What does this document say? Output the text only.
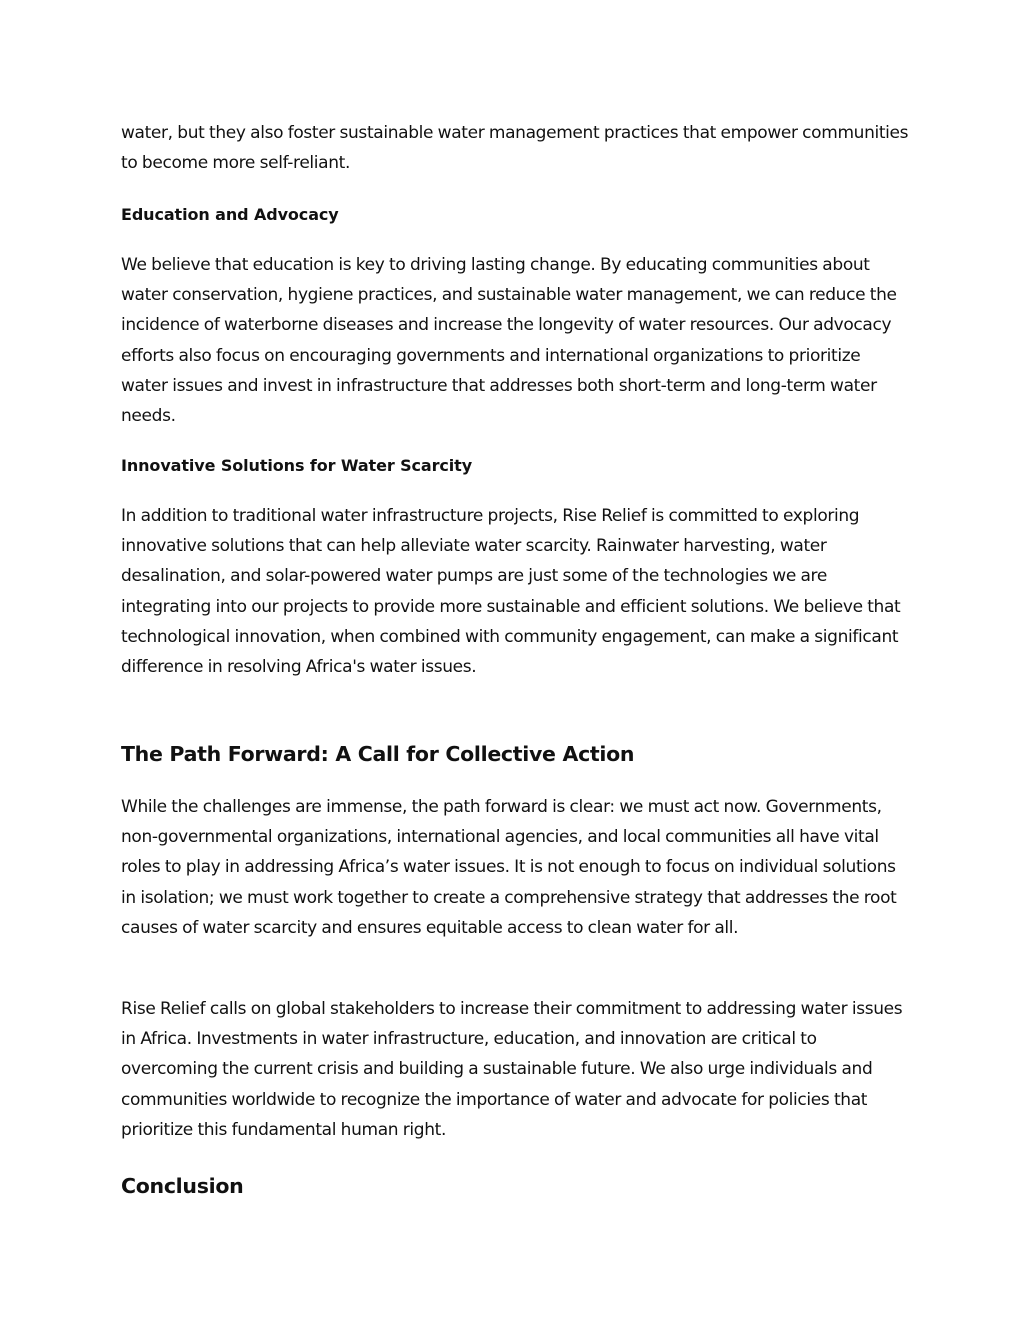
water, but they also foster sustainable water management practices that empower communities to become more self-reliant.

Education and Advocacy

We believe that education is key to driving lasting change. By educating communities about water conservation, hygiene practices, and sustainable water management, we can reduce the incidence of waterborne diseases and increase the longevity of water resources. Our advocacy efforts also focus on encouraging governments and international organizations to prioritize water issues and invest in infrastructure that addresses both short-term and long-term water needs.

Innovative Solutions for Water Scarcity

In addition to traditional water infrastructure projects, Rise Relief is committed to exploring innovative solutions that can help alleviate water scarcity. Rainwater harvesting, water desalination, and solar-powered water pumps are just some of the technologies we are integrating into our projects to provide more sustainable and efficient solutions. We believe that technological innovation, when combined with community engagement, can make a significant difference in resolving Africa's water issues.

The Path Forward: A Call for Collective Action

While the challenges are immense, the path forward is clear: we must act now. Governments, non-governmental organizations, international agencies, and local communities all have vital roles to play in addressing Africa’s water issues. It is not enough to focus on individual solutions in isolation; we must work together to create a comprehensive strategy that addresses the root causes of water scarcity and ensures equitable access to clean water for all.

Rise Relief calls on global stakeholders to increase their commitment to addressing water issues in Africa. Investments in water infrastructure, education, and innovation are critical to overcoming the current crisis and building a sustainable future. We also urge individuals and communities worldwide to recognize the importance of water and advocate for policies that prioritize this fundamental human right.

Conclusion
